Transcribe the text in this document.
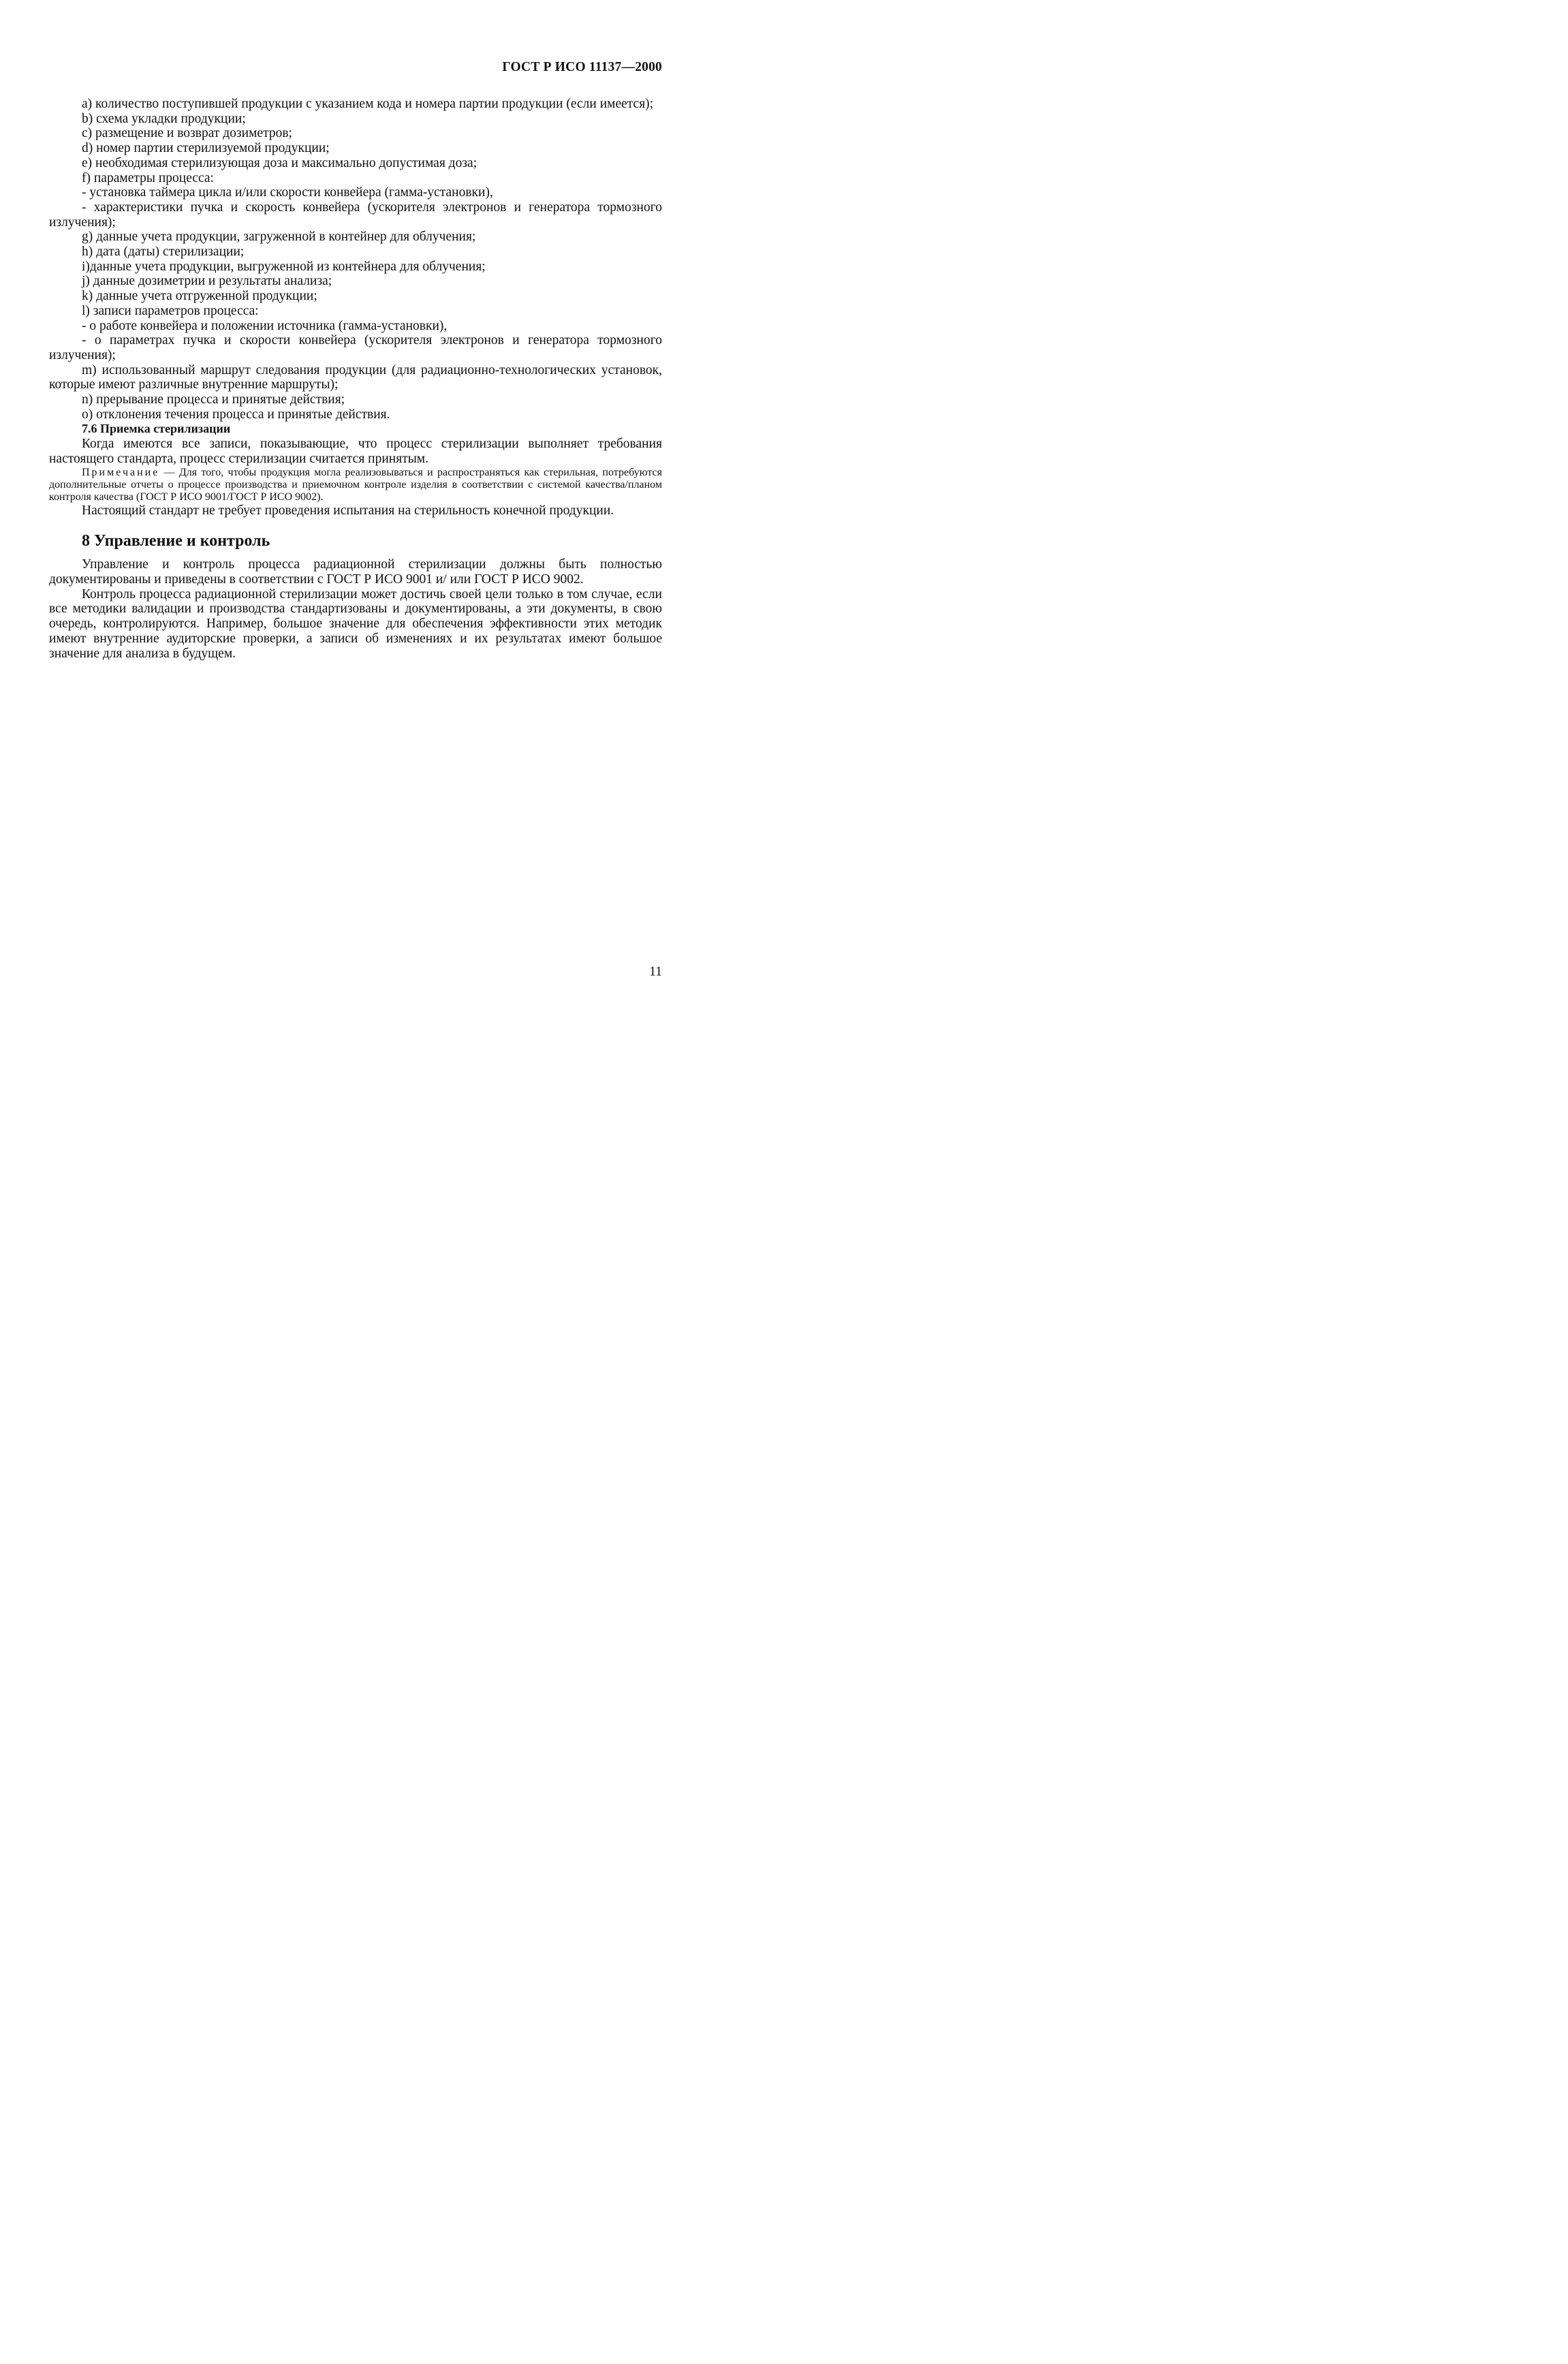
ГОСТ Р ИСО 11137—2000

a) количество поступившей продукции с указанием кода и номера партии продукции (если имеется);

b) схема укладки продукции;

c) размещение и возврат дозиметров;

d) номер партии стерилизуемой продукции;

e) необходимая стерилизующая доза и максимально допустимая доза;

f) параметры процесса:

- установка таймера цикла и/или скорости конвейера (гамма-установки),

- характеристики пучка и скорость конвейера (ускорителя электронов и генератора тормозного излучения);

g) данные учета продукции, загруженной в контейнер для облучения;

h) дата (даты) стерилизации;

i)данные учета продукции, выгруженной из контейнера для облучения;

j) данные дозиметрии и результаты анализа;

k) данные учета отгруженной продукции;

l) записи параметров процесса:

- о работе конвейера и положении источника (гамма-установки),

- о параметрах пучка и скорости конвейера (ускорителя электронов и генератора тормозного излучения);

m) использованный маршрут следования продукции (для радиационно-технологических установок, которые имеют различные внутренние маршруты);

n) прерывание процесса и принятые действия;

o) отклонения течения процесса и принятые действия.

7.6 Приемка стерилизации

Когда имеются все записи, показывающие, что процесс стерилизации выполняет требования настоящего стандарта, процесс стерилизации считается принятым.

Примечание — Для того, чтобы продукция могла реализовываться и распространяться как стерильная, потребуются дополнительные отчеты о процессе производства и приемочном контроле изделия в соответствии с системой качества/планом контроля качества (ГОСТ Р ИСО 9001/ГОСТ Р ИСО 9002).

Настоящий стандарт не требует проведения испытания на стерильность конечной продукции.

8 Управление и контроль

Управление и контроль процесса радиационной стерилизации должны быть полностью документированы и приведены в соответствии с ГОСТ Р ИСО 9001 и/ или ГОСТ Р ИСО 9002.

Контроль процесса радиационной стерилизации может достичь своей цели только в том случае, если все методики валидации и производства стандартизованы и документированы, а эти документы, в свою очередь, контролируются. Например, большое значение для обеспечения эффективности этих методик имеют внутренние аудиторские проверки, а записи об изменениях и их результатах имеют большое значение для анализа в будущем.

11
